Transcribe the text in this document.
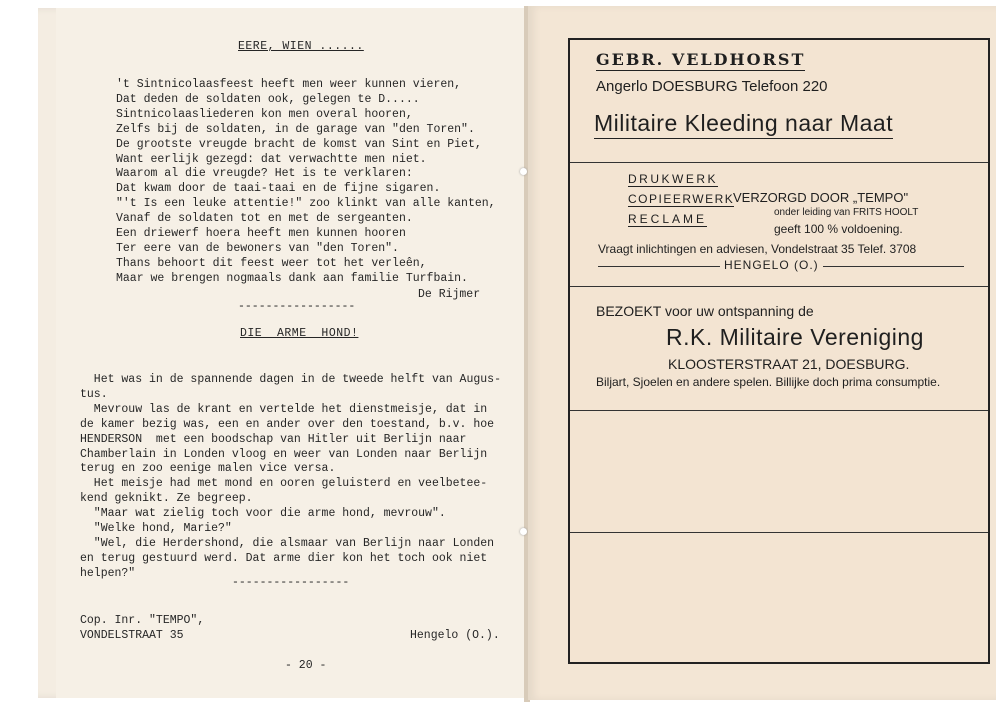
EERE, WIEN ......
't Sintnicolaasfeest heeft men weer kunnen vieren,
Dat deden de soldaten ook, gelegen te D.....
Sintnicolaasliederen kon men overal hooren,
Zelfs bij de soldaten, in de garage van "den Toren".
De grootste vreugde bracht de komst van Sint en Piet,
Want eerlijk gezegd: dat verwachtte men niet.
Waarom al die vreugde? Het is te verklaren:
Dat kwam door de taai-taai en de fijne sigaren.
"'t Is een leuke attentie!" zoo klinkt van alle kanten,
Vanaf de soldaten tot en met de sergeanten.
Een driewerf hoera heeft men kunnen hooren
Ter eere van de bewoners van "den Toren".
Thans behoort dit feest weer tot het verleên,
Maar we brengen nogmaals dank aan familie Turfbain.
De Rijmer
-----------------
DIE  ARME  HOND!
Het was in de spannende dagen in de tweede helft van Augus-
tus.
Mevrouw las de krant en vertelde het dienstmeisje, dat in
de kamer bezig was, een en ander over den toestand, b.v. hoe
HENDERSON  met een boodschap van Hitler uit Berlijn naar
Chamberlain in Londen vloog en weer van Londen naar Berlijn
terug en zoo eenige malen vice versa.
Het meisje had met mond en ooren geluisterd en veelbetee-
kend geknikt. Ze begreep.
"Maar wat zielig toch voor die arme hond, mevrouw".
"Welke hond, Marie?"
"Wel, die Herdershond, die alsmaar van Berlijn naar Londen
en terug gestuurd werd. Dat arme dier kon het toch ook niet
helpen?"
-----------------
Cop. Inr. "TEMPO",
VONDELSTRAAT 35	Hengelo (O.).
- 20 -
GEBR. VELDHORST
Angerlo DOESBURG Telefoon 220
Militaire Kleeding naar Maat
DRUKWERK
COPIEERWERK
RECLAME
VERZORGD DOOR „TEMPO"
onder leiding van FRITS HOOLT
geeft 100 % voldoening.
Vraagt inlichtingen en adviesen, Vondelstraat 35 Telef. 3708
HENGELO (O.)
BEZOEKT voor uw ontspanning de
R.K. Militaire Vereniging
KLOOSTERSTRAAT 21, DOESBURG.
Biljart, Sjoelen en andere spelen. Billijke doch prima consumptie.
